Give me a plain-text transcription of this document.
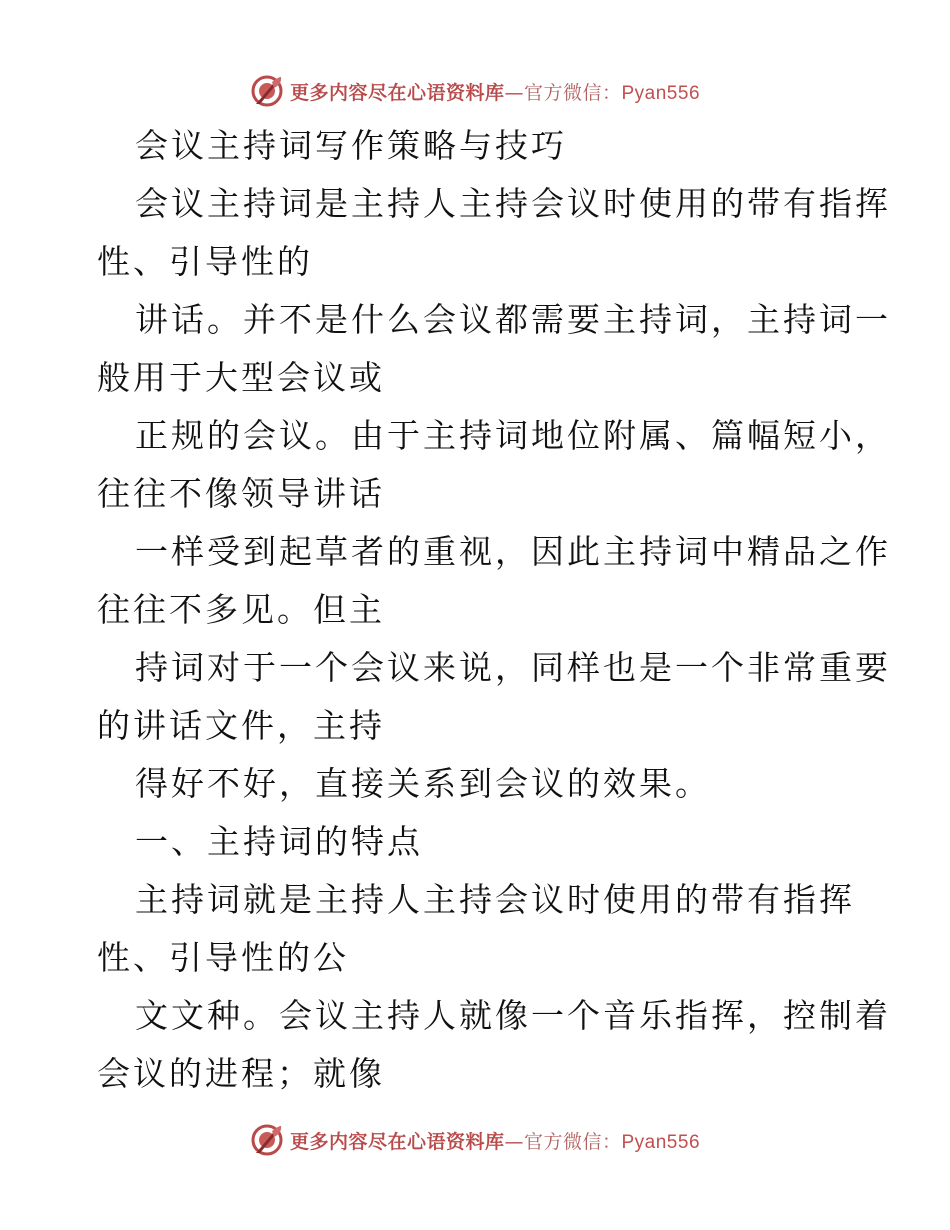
更多内容尽在心语资料库—官方微信：Pyan556
会议主持词写作策略与技巧
会议主持词是主持人主持会议时使用的带有指挥
性、引导性的
讲话。并不是什么会议都需要主持词，主持词一
般用于大型会议或
正规的会议。由于主持词地位附属、篇幅短小，
往往不像领导讲话
一样受到起草者的重视，因此主持词中精品之作
往往不多见。但主
持词对于一个会议来说，同样也是一个非常重要
的讲话文件，主持
得好不好，直接关系到会议的效果。
一、主持词的特点
主持词就是主持人主持会议时使用的带有指挥
性、引导性的公
文文种。会议主持人就像一个音乐指挥，控制着
会议的进程；就像
更多内容尽在心语资料库—官方微信：Pyan556
